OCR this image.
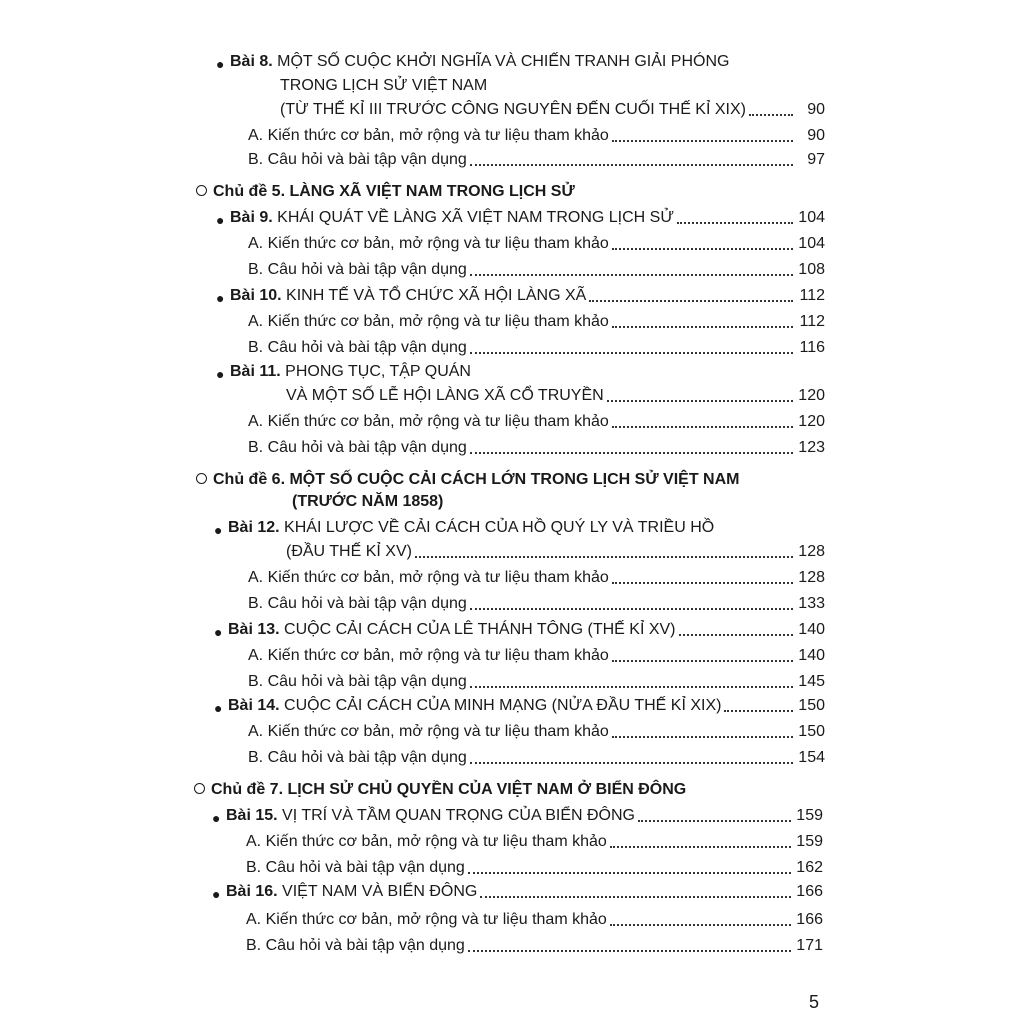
● Bài 8. MỘT SỐ CUỘC KHỞI NGHĨA VÀ CHIẾN TRANH GIẢI PHÓNG
TRONG LỊCH SỬ VIỆT NAM
(TỪ THẾ KỈ III TRƯỚC CÔNG NGUYÊN ĐẾN CUỐI THẾ KỈ XIX)	90
A. Kiến thức cơ bản, mở rộng và tư liệu tham khảo	90
B. Câu hỏi và bài tập vận dụng	97
Chủ đề 5. LÀNG XÃ VIỆT NAM TRONG LỊCH SỬ
● Bài 9. KHÁI QUÁT VỀ LÀNG XÃ VIỆT NAM TRONG LỊCH SỬ	104
A. Kiến thức cơ bản, mở rộng và tư liệu tham khảo	104
B. Câu hỏi và bài tập vận dụng	108
● Bài 10. KINH TẾ VÀ TỔ CHỨC XÃ HỘI LÀNG XÃ	112
A. Kiến thức cơ bản, mở rộng và tư liệu tham khảo	112
B. Câu hỏi và bài tập vận dụng	116
● Bài 11. PHONG TỤC, TẬP QUÁN
VÀ MỘT SỐ LỄ HỘI LÀNG XÃ CỔ TRUYỀN	120
A. Kiến thức cơ bản, mở rộng và tư liệu tham khảo	120
B. Câu hỏi và bài tập vận dụng	123
Chủ đề 6. MỘT SỐ CUỘC CẢI CÁCH LỚN TRONG LỊCH SỬ VIỆT NAM
(TRƯỚC NĂM 1858)
● Bài 12. KHÁI LƯỢC VỀ CẢI CÁCH CỦA HỒ QUÝ LY VÀ TRIỀU HỒ
(ĐẦU THẾ KỈ XV)	128
A. Kiến thức cơ bản, mở rộng và tư liệu tham khảo	128
B. Câu hỏi và bài tập vận dụng	133
● Bài 13. CUỘC CẢI CÁCH CỦA LÊ THÁNH TÔNG (THẾ KỈ XV)	140
A. Kiến thức cơ bản, mở rộng và tư liệu tham khảo	140
B. Câu hỏi và bài tập vận dụng	145
● Bài 14. CUỘC CẢI CÁCH CỦA MINH MẠNG (NỬA ĐẦU THẾ KỈ XIX)	150
A. Kiến thức cơ bản, mở rộng và tư liệu tham khảo	150
B. Câu hỏi và bài tập vận dụng	154
Chủ đề 7. LỊCH SỬ CHỦ QUYỀN CỦA VIỆT NAM Ở BIỂN ĐÔNG
● Bài 15. VỊ TRÍ VÀ TẦM QUAN TRỌNG CỦA BIỂN ĐÔNG	159
A. Kiến thức cơ bản, mở rộng và tư liệu tham khảo	159
B. Câu hỏi và bài tập vận dụng	162
● Bài 16. VIỆT NAM VÀ BIỂN ĐÔNG	166
A. Kiến thức cơ bản, mở rộng và tư liệu tham khảo	166
B. Câu hỏi và bài tập vận dụng	171
5
